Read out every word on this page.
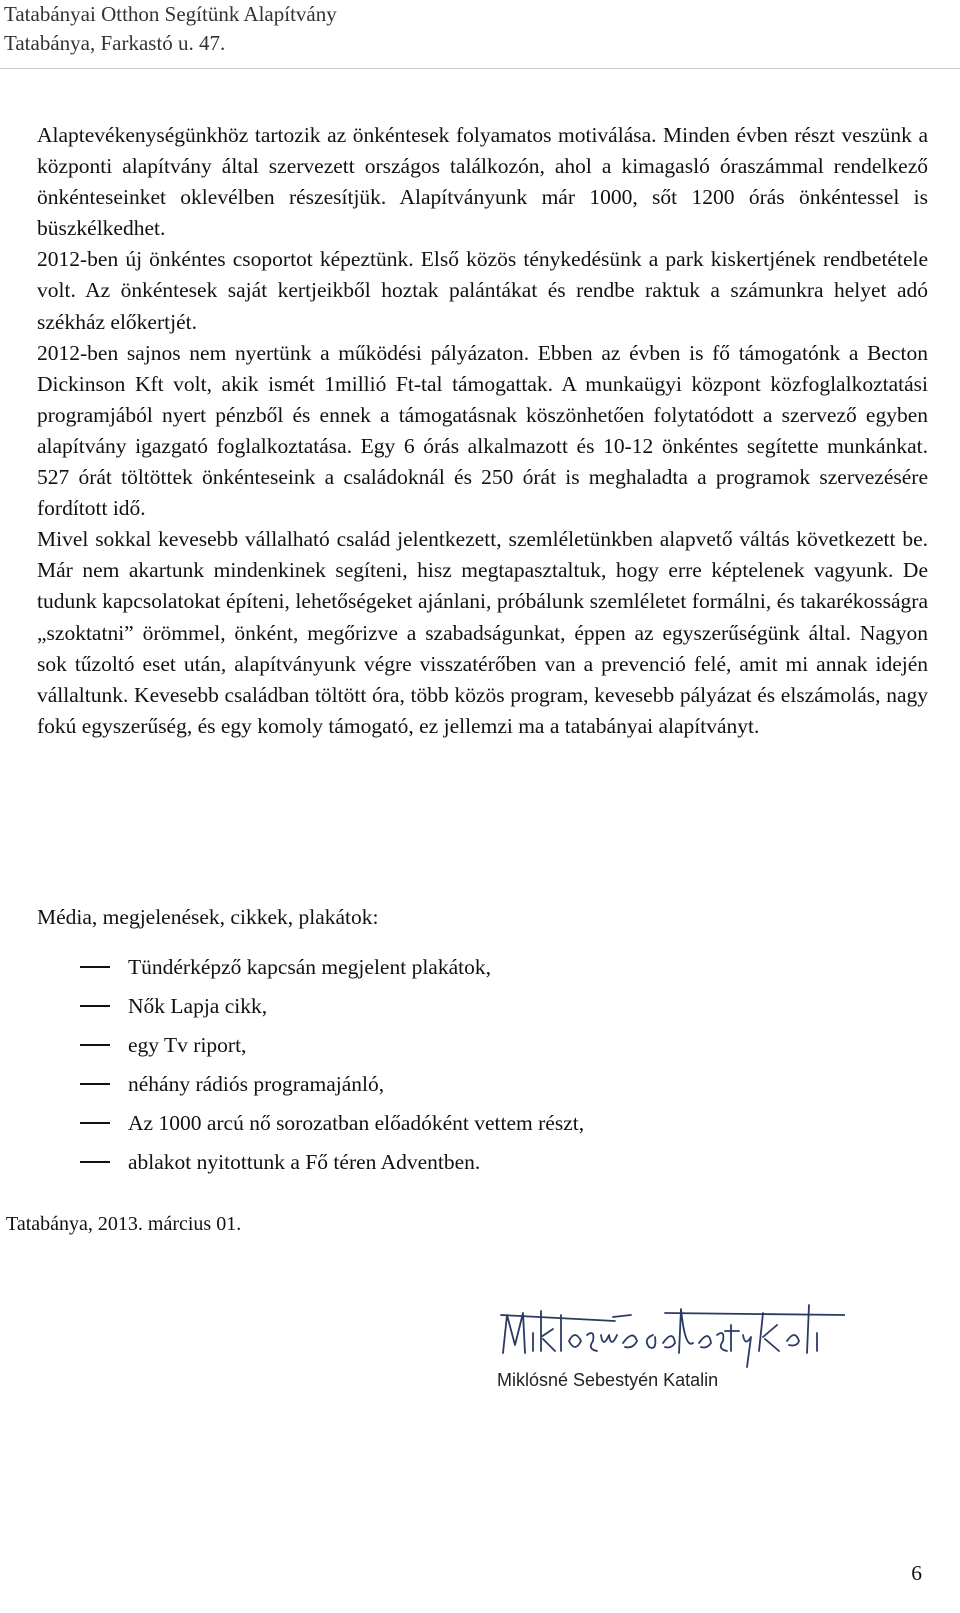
Tatabányai Otthon Segítünk Alapítvány
Tatabánya, Farkastó u. 47.

Alaptevékenységünkhöz tartozik az önkéntesek folyamatos motiválása. Minden évben részt veszünk a központi alapítvány által szervezett országos találkozón, ahol a kimagasló óraszámmal rendelkező önkénteseinket oklevélben részesítjük. Alapítványunk már 1000, sőt 1200 órás önkéntessel is büszkélkedhet.

2012-ben új önkéntes csoportot képeztünk. Első közös ténykedésünk a park kiskertjének rendbetétele volt. Az önkéntesek saját kertjeikből hoztak palántákat és rendbe raktuk a számunkra helyet adó székház előkertjét.

2012-ben sajnos nem nyertünk a működési pályázaton. Ebben az évben is fő támogatónk a Becton Dickinson Kft volt, akik ismét 1millió Ft-tal támogattak. A munkaügyi központ közfoglalkoztatási programjából nyert pénzből és ennek a támogatásnak köszönhetően folytatódott a szervező egyben alapítvány igazgató foglalkoztatása. Egy 6 órás alkalmazott és 10-12 önkéntes segítette munkánkat. 527 órát töltöttek önkénteseink a családoknál és 250 órát is meghaladta a programok szervezésére fordított idő.

Mivel sokkal kevesebb vállalható család jelentkezett, szemléletünkben alapvető váltás következett be. Már nem akartunk mindenkinek segíteni, hisz megtapasztaltuk, hogy erre képtelenek vagyunk. De tudunk kapcsolatokat építeni, lehetőségeket ajánlani, próbálunk szemléletet formálni, és takarékosságra „szoktatni” örömmel, önként, megőrizve a szabadságunkat, éppen az egyszerűségünk által. Nagyon sok tűzoltó eset után, alapítványunk végre visszatérőben van a prevenció felé, amit mi annak idején vállaltunk. Kevesebb családban töltött óra, több közös program, kevesebb pályázat és elszámolás, nagy fokú egyszerűség, és egy komoly támogató, ez jellemzi ma a tatabányai alapítványt.

Média, megjelenések, cikkek, plakátok:
Tündérképző kapcsán megjelent plakátok,
Nők Lapja cikk,
egy Tv riport,
néhány rádiós programajánló,
Az 1000 arcú nő sorozatban előadóként vettem részt,
ablakot nyitottunk a Fő téren Adventben.
Tatabánya, 2013. március 01.
Miklósné Sebestyén Katalin
6
